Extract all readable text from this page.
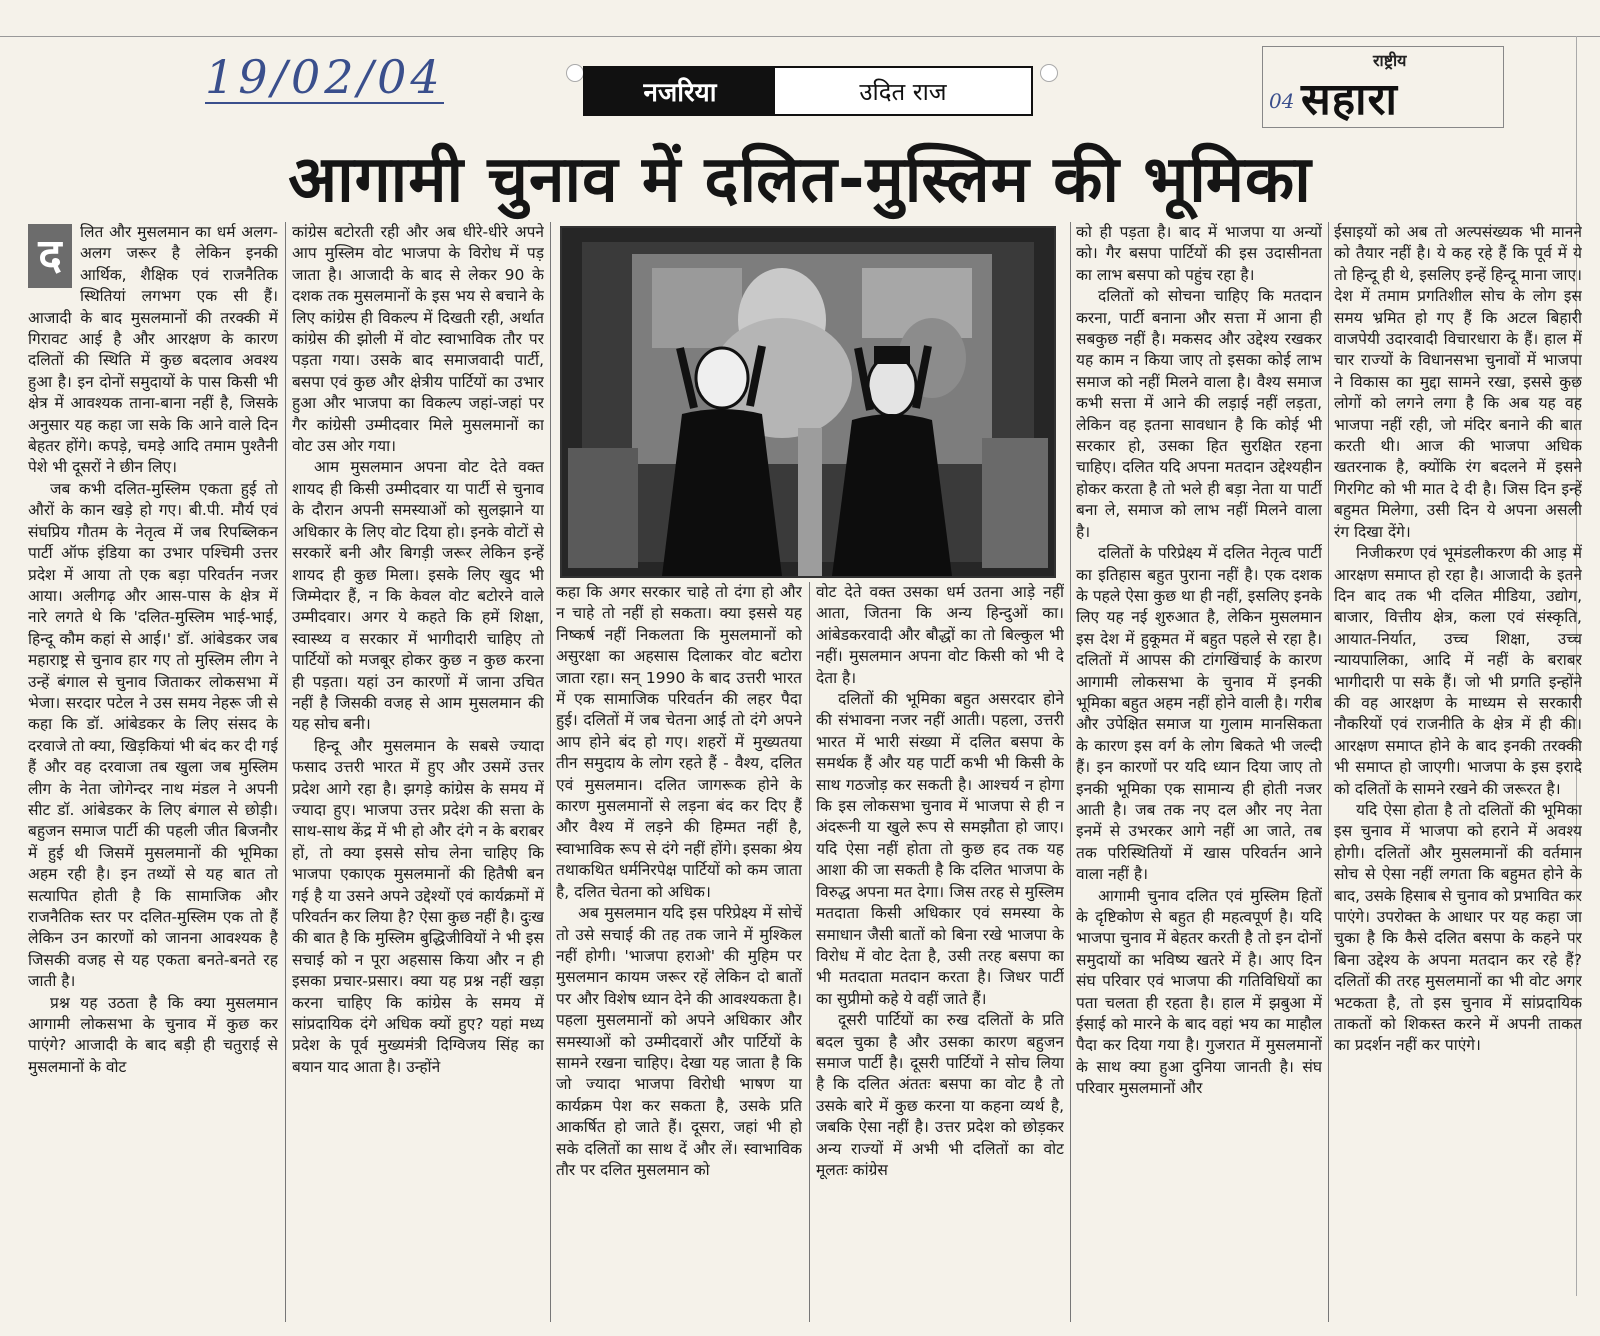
19/02/04	नजरिया	उदित राज
राष्ट्रीय
04 सहारा
आगामी चुनाव में दलित-मुस्लिम की भूमिका
द	लित और मुसलमान का धर्म अलग-अलग जरूर है लेकिन इनकी आर्थिक, शैक्षिक एवं राजनैतिक स्थितियां लगभग एक सी हैं। आजादी के बाद मुसलमानों की तरक्की में गिरावट आई है और आरक्षण के कारण दलितों की स्थिति में कुछ बदलाव अवश्य हुआ है। इन दोनों समुदायों के पास किसी भी क्षेत्र में आवश्यक ताना-बाना नहीं है, जिसके अनुसार यह कहा जा सके कि आने वाले दिन बेहतर होंगे। कपड़े, चमड़े आदि तमाम पुश्तैनी पेशे भी दूसरों ने छीन लिए।

जब कभी दलित-मुस्लिम एकता हुई तो औरों के कान खड़े हो गए। बी.पी. मौर्य एवं संघप्रिय गौतम के नेतृत्व में जब रिपब्लिकन पार्टी ऑफ इंडिया का उभार पश्चिमी उत्तर प्रदेश में आया तो एक बड़ा परिवर्तन नजर आया। अलीगढ़ और आस-पास के क्षेत्र में नारे लगते थे कि 'दलित-मुस्लिम भाई-भाई, हिन्दू कौम कहां से आई।' डॉ. आंबेडकर जब महाराष्ट्र से चुनाव हार गए तो मुस्लिम लीग ने उन्हें बंगाल से चुनाव जिताकर लोकसभा में भेजा। सरदार पटेल ने उस समय नेहरू जी से कहा कि डॉ. आंबेडकर के लिए संसद के दरवाजे तो क्या, खिड़कियां भी बंद कर दी गई हैं और वह दरवाजा तब खुला जब मुस्लिम लीग के नेता जोगेन्दर नाथ मंडल ने अपनी सीट डॉ. आंबेडकर के लिए बंगाल से छोड़ी। बहुजन समाज पार्टी की पहली जीत बिजनौर में हुई थी जिसमें मुसलमानों की भूमिका अहम रही है। इन तथ्यों से यह बात तो सत्यापित होती है कि सामाजिक और राजनैतिक स्तर पर दलित-मुस्लिम एक तो हैं लेकिन उन कारणों को जानना आवश्यक है जिसकी वजह से यह एकता बनते-बनते रह जाती है।

प्रश्न यह उठता है कि क्या मुसलमान आगामी लोकसभा के चुनाव में कुछ कर पाएंगे? आजादी के बाद बड़ी ही चतुराई से मुसलमानों के वोट

कांग्रेस बटोरती रही और अब धीरे-धीरे अपने आप मुस्लिम वोट भाजपा के विरोध में पड़ जाता है। आजादी के बाद से लेकर 90 के दशक तक मुसलमानों के इस भय से बचाने के लिए कांग्रेस ही विकल्प में दिखती रही, अर्थात कांग्रेस की झोली में वोट स्वाभाविक तौर पर पड़ता गया। उसके बाद समाजवादी पार्टी, बसपा एवं कुछ और क्षेत्रीय पार्टियों का उभार हुआ और भाजपा का विकल्प जहां-जहां पर गैर कांग्रेसी उम्मीदवार मिले मुसलमानों का वोट उस ओर गया।

आम मुसलमान अपना वोट देते वक्त शायद ही किसी उम्मीदवार या पार्टी से चुनाव के दौरान अपनी समस्याओं को सुलझाने या अधिकार के लिए वोट दिया हो। इनके वोटों से सरकारें बनी और बिगड़ी जरूर लेकिन इन्हें शायद ही कुछ मिला। इसके लिए खुद भी जिम्मेदार हैं, न कि केवल वोट बटोरने वाले उम्मीदवार। अगर ये कहते कि हमें शिक्षा, स्वास्थ्य व सरकार में भागीदारी चाहिए तो पार्टियों को मजबूर होकर कुछ न कुछ करना ही पड़ता। यहां उन कारणों में जाना उचित नहीं है जिसकी वजह से आम मुसलमान की यह सोच बनी।

हिन्दू और मुसलमान के सबसे ज्यादा फसाद उत्तरी भारत में हुए और उसमें उत्तर प्रदेश आगे रहा है। झगड़े कांग्रेस के समय में ज्यादा हुए। भाजपा उत्तर प्रदेश की सत्ता के साथ-साथ केंद्र में भी हो और दंगे न के बराबर हों, तो क्या इससे सोच लेना चाहिए कि भाजपा एकाएक मुसलमानों की हितैषी बन गई है या उसने अपने उद्देश्यों एवं कार्यक्रमों में परिवर्तन कर लिया है? ऐसा कुछ नहीं है। दुःख की बात है कि मुस्लिम बुद्धिजीवियों ने भी इस सचाई को न पूरा अहसास किया और न ही इसका प्रचार-प्रसार। क्या यह प्रश्न नहीं खड़ा करना चाहिए कि कांग्रेस के समय में सांप्रदायिक दंगे अधिक क्यों हुए? यहां मध्य प्रदेश के पूर्व मुख्यमंत्री दिग्विजय सिंह का बयान याद आता है। उन्होंने

कहा कि अगर सरकार चाहे तो दंगा हो और न चाहे तो नहीं हो सकता। क्या इससे यह निष्कर्ष नहीं निकलता कि मुसलमानों को असुरक्षा का अहसास दिलाकर वोट बटोरा जाता रहा। सन् 1990 के बाद उत्तरी भारत में एक सामाजिक परिवर्तन की लहर पैदा हुई। दलितों में जब चेतना आई तो दंगे अपने आप होने बंद हो गए। शहरों में मुख्यतया तीन समुदाय के लोग रहते हैं - वैश्य, दलित एवं मुसलमान। दलित जागरूक होने के कारण मुसलमानों से लड़ना बंद कर दिए हैं और वैश्य में लड़ने की हिम्मत नहीं है, स्वाभाविक रूप से दंगे नहीं होंगे। इसका श्रेय तथाकथित धर्मनिरपेक्ष पार्टियों को कम जाता है, दलित चेतना को अधिक।

अब मुसलमान यदि इस परिप्रेक्ष्य में सोचें तो उसे सचाई की तह तक जाने में मुश्किल नहीं होगी। 'भाजपा हराओ' की मुहिम पर मुसलमान कायम जरूर रहें लेकिन दो बातों पर और विशेष ध्यान देने की आवश्यकता है। पहला मुसलमानों को अपने अधिकार और समस्याओं को उम्मीदवारों और पार्टियों के सामने रखना चाहिए। देखा यह जाता है कि जो ज्यादा भाजपा विरोधी भाषण या कार्यक्रम पेश कर सकता है, उसके प्रति आकर्षित हो जाते हैं। दूसरा, जहां भी हो सके दलितों का साथ दें और लें। स्वाभाविक तौर पर दलित मुसलमान को

वोट देते वक्त उसका धर्म उतना आड़े नहीं आता, जितना कि अन्य हिन्दुओं का। आंबेडकरवादी और बौद्धों का तो बिल्कुल भी नहीं। मुसलमान अपना वोट किसी को भी दे देता है।

दलितों की भूमिका बहुत असरदार होने की संभावना नजर नहीं आती। पहला, उत्तरी भारत में भारी संख्या में दलित बसपा के समर्थक हैं और यह पार्टी कभी भी किसी के साथ गठजोड़ कर सकती है। आश्चर्य न होगा कि इस लोकसभा चुनाव में भाजपा से ही न अंदरूनी या खुले रूप से समझौता हो जाए। यदि ऐसा नहीं होता तो कुछ हद तक यह आशा की जा सकती है कि दलित भाजपा के विरुद्ध अपना मत देगा। जिस तरह से मुस्लिम मतदाता किसी अधिकार एवं समस्या के समाधान जैसी बातों को बिना रखे भाजपा के विरोध में वोट देता है, उसी तरह बसपा का भी मतदाता मतदान करता है। जिधर पार्टी का सुप्रीमो कहे ये वहीं जाते हैं।

दूसरी पार्टियों का रुख दलितों के प्रति बदल चुका है और उसका कारण बहुजन समाज पार्टी है। दूसरी पार्टियों ने सोच लिया है कि दलित अंततः बसपा का वोट है तो उसके बारे में कुछ करना या कहना व्यर्थ है, जबकि ऐसा नहीं है। उत्तर प्रदेश को छोड़कर अन्य राज्यों में अभी भी दलितों का वोट मूलतः कांग्रेस

को ही पड़ता है। बाद में भाजपा या अन्यों को। गैर बसपा पार्टियों की इस उदासीनता का लाभ बसपा को पहुंच रहा है।

दलितों को सोचना चाहिए कि मतदान करना, पार्टी बनाना और सत्ता में आना ही सबकुछ नहीं है। मकसद और उद्देश्य रखकर यह काम न किया जाए तो इसका कोई लाभ समाज को नहीं मिलने वाला है। वैश्य समाज कभी सत्ता में आने की लड़ाई नहीं लड़ता, लेकिन वह इतना सावधान है कि कोई भी सरकार हो, उसका हित सुरक्षित रहना चाहिए। दलित यदि अपना मतदान उद्देश्यहीन होकर करता है तो भले ही बड़ा नेता या पार्टी बना ले, समाज को लाभ नहीं मिलने वाला है।

दलितों के परिप्रेक्ष्य में दलित नेतृत्व पार्टी का इतिहास बहुत पुराना नहीं है। एक दशक के पहले ऐसा कुछ था ही नहीं, इसलिए इनके लिए यह नई शुरुआत है, लेकिन मुसलमान इस देश में हुकूमत में बहुत पहले से रहा है। दलितों में आपस की टांगखिंचाई के कारण आगामी लोकसभा के चुनाव में इनकी भूमिका बहुत अहम नहीं होने वाली है। गरीब और उपेक्षित समाज या गुलाम मानसिकता के कारण इस वर्ग के लोग बिकते भी जल्दी हैं। इन कारणों पर यदि ध्यान दिया जाए तो इनकी भूमिका एक सामान्य ही होती नजर आती है। जब तक नए दल और नए नेता इनमें से उभरकर आगे नहीं आ जाते, तब तक परिस्थितियों में खास परिवर्तन आने वाला नहीं है।

आगामी चुनाव दलित एवं मुस्लिम हितों के दृष्टिकोण से बहुत ही महत्वपूर्ण है। यदि भाजपा चुनाव में बेहतर करती है तो इन दोनों समुदायों का भविष्य खतरे में है। आए दिन संघ परिवार एवं भाजपा की गतिविधियों का पता चलता ही रहता है। हाल में झबुआ में ईसाई को मारने के बाद वहां भय का माहौल पैदा कर दिया गया है। गुजरात में मुसलमानों के साथ क्या हुआ दुनिया जानती है। संघ परिवार मुसलमानों और

ईसाइयों को अब तो अल्पसंख्यक भी मानने को तैयार नहीं है। ये कह रहे हैं कि पूर्व में ये तो हिन्दू ही थे, इसलिए इन्हें हिन्दू माना जाए। देश में तमाम प्रगतिशील सोच के लोग इस समय भ्रमित हो गए हैं कि अटल बिहारी वाजपेयी उदारवादी विचारधारा के हैं। हाल में चार राज्यों के विधानसभा चुनावों में भाजपा ने विकास का मुद्दा सामने रखा, इससे कुछ लोगों को लगने लगा है कि अब यह वह भाजपा नहीं रही, जो मंदिर बनाने की बात करती थी। आज की भाजपा अधिक खतरनाक है, क्योंकि रंग बदलने में इसने गिरगिट को भी मात दे दी है। जिस दिन इन्हें बहुमत मिलेगा, उसी दिन ये अपना असली रंग दिखा देंगे।

निजीकरण एवं भूमंडलीकरण की आड़ में आरक्षण समाप्त हो रहा है। आजादी के इतने दिन बाद तक भी दलित मीडिया, उद्योग, बाजार, वित्तीय क्षेत्र, कला एवं संस्कृति, आयात-निर्यात, उच्च शिक्षा, उच्च न्यायपालिका, आदि में नहीं के बराबर भागीदारी पा सके हैं। जो भी प्रगति इन्होंने की वह आरक्षण के माध्यम से सरकारी नौकरियों एवं राजनीति के क्षेत्र में ही की। आरक्षण समाप्त होने के बाद इनकी तरक्की भी समाप्त हो जाएगी। भाजपा के इस इरादे को दलितों के सामने रखने की जरूरत है।

यदि ऐसा होता है तो दलितों की भूमिका इस चुनाव में भाजपा को हराने में अवश्य होगी। दलितों और मुसलमानों की वर्तमान सोच से ऐसा नहीं लगता कि बहुमत होने के बाद, उसके हिसाब से चुनाव को प्रभावित कर पाएंगे। उपरोक्त के आधार पर यह कहा जा चुका है कि कैसे दलित बसपा के कहने पर बिना उद्देश्य के अपना मतदान कर रहे हैं? दलितों की तरह मुसलमानों का भी वोट अगर भटकता है, तो इस चुनाव में सांप्रदायिक ताकतों को शिकस्त करने में अपनी ताकत का प्रदर्शन नहीं कर पाएंगे।
